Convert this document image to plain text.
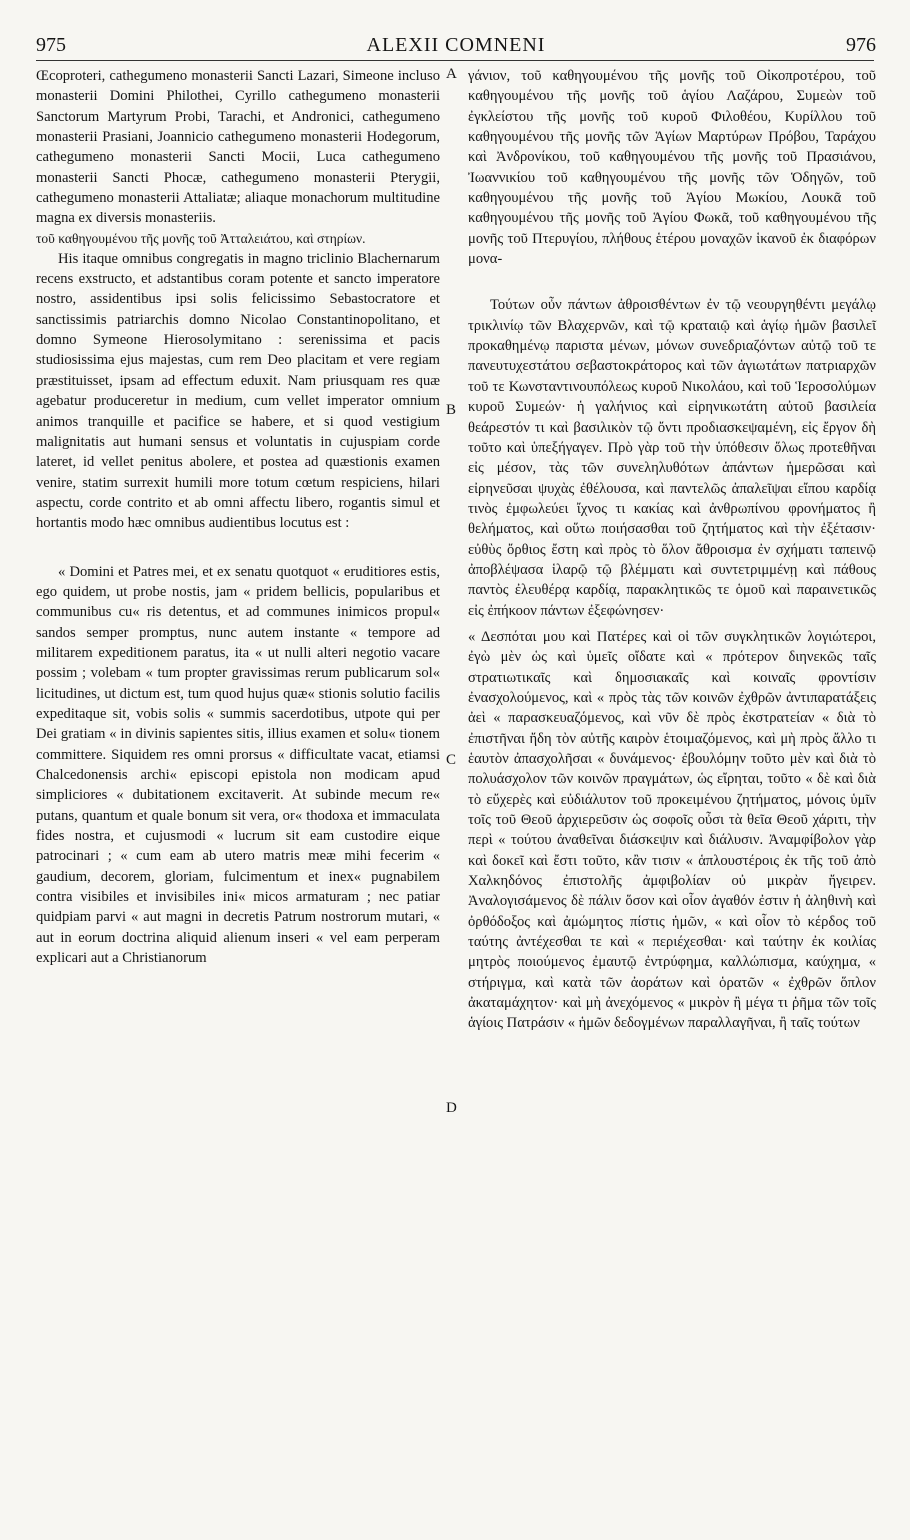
975	ALEXII COMNENI	976
A
B
C
D

Œcoproteri, cathegumeno monasterii Sancti Lazari, Simeone incluso monasterii Domini Philothei, Cyrillo cathegumeno monasterii Sanctorum Martyrum Probi, Tarachi, et Andronici, cathegumeno monasterii Prasiani, Joannicio cathegumeno monasterii Hodegorum, cathegumeno monasterii Sancti Mocii, Luca cathegumeno monasterii Sancti Phocæ, cathegumeno monasterii Pterygii, cathegumeno monasterii Attaliatæ; aliaque monachorum multitudine magna ex diversis monasteriis.

τοῦ καθηγουμένου τῆς μονῆς τοῦ Ἀτταλειάτου, καὶ στηρίων.

His itaque omnibus congregatis in magno triclinio Blachernarum recens exstructo, et adstantibus coram potente et sancto imperatore nostro, assidentibus ipsi solis felicissimo Sebastocratore et sanctissimis patriarchis domno Nicolao Constantinopolitano, et domno Symeone Hierosolymitano : serenissima et pacis studiosissima ejus majestas, cum rem Deo placitam et vere regiam præstituisset, ipsam ad effectum eduxit. Nam priusquam res quæ agebatur produceretur in medium, cum vellet imperator omnium animos tranquille et pacifice se habere, et si quod vestigium malignitatis aut humani sensus et voluntatis in cujuspiam corde lateret, id vellet penitus abolere, et postea ad quæstionis examen venire, statim surrexit humili more totum cœtum respiciens, hilari aspectu, corde contrito et ab omni affectu libero, rogantis simul et hortantis modo hæc omnibus audientibus locutus est :

« Domini et Patres mei, et ex senatu quotquot « eruditiores estis, ego quidem, ut probe nostis, jam « pridem bellicis, popularibus et communibus cu« ris detentus, et ad communes inimicos propul« sandos semper promptus, nunc autem instante « tempore ad militarem expeditionem paratus, ita « ut nulli alteri negotio vacare possim ; volebam « tum propter gravissimas rerum publicarum sol« licitudines, ut dictum est, tum quod hujus quæ« stionis solutio facilis expeditaque sit, vobis solis « summis sacerdotibus, utpote qui per Dei gratiam « in divinis sapientes sitis, illius examen et solu« tionem committere. Siquidem res omni prorsus « difficultate vacat, etiamsi Chalcedonensis archi« episcopi epistola non modicam apud simpliciores « dubitationem excitaverit. At subinde mecum re« putans, quantum et quale bonum sit vera, or« thodoxa et immaculata fides nostra, et cujusmodi « lucrum sit eam custodire eique patrocinari ; « cum eam ab utero matris meæ mihi fecerim « gaudium, decorem, gloriam, fulcimentum et inex« pugnabilem contra visibiles et invisibiles ini« micos armaturam ; nec patiar quidpiam parvi « aut magni in decretis Patrum nostrorum mutari, « aut in eorum doctrina aliquid alienum inseri « vel eam perperam explicari aut a Christianorum

γάνιον, τοῦ καθηγουμένου τῆς μονῆς τοῦ Οἰκοπροτέρου, τοῦ καθηγουμένου τῆς μονῆς τοῦ ἁγίου Λαζάρου, Συμεὼν τοῦ ἐγκλείστου τῆς μονῆς τοῦ κυροῦ Φιλοθέου, Κυρίλλου τοῦ καθηγουμένου τῆς μονῆς τῶν Ἁγίων Μαρτύρων Πρόβου, Ταράχου καὶ Ἀνδρονίκου, τοῦ καθηγουμένου τῆς μονῆς τοῦ Πρασιάνου, Ἰωαννικίου τοῦ καθηγουμένου τῆς μονῆς τῶν Ὁδηγῶν, τοῦ καθηγουμένου τῆς μονῆς τοῦ Ἁγίου Μωκίου, Λουκᾶ τοῦ καθηγουμένου τῆς μονῆς τοῦ Ἁγίου Φωκᾶ, τοῦ καθηγουμένου τῆς μονῆς τοῦ Πτερυγίου, πλήθους ἑτέρου μοναχῶν ἱκανοῦ ἐκ διαφόρων μονα-

Τούτων οὖν πάντων ἀθροισθέντων ἐν τῷ νεουργηθέντι μεγάλῳ τρικλινίῳ τῶν Βλαχερνῶν, καὶ τῷ κραταιῷ καὶ ἁγίῳ ἡμῶν βασιλεῖ προκαθημένῳ παριστα μένων, μόνων συνεδριαζόντων αὐτῷ τοῦ τε πανευτυχεστάτου σεβαστοκράτορος καὶ τῶν ἁγιωτάτων πατριαρχῶν τοῦ τε Κωνσταντινουπόλεως κυροῦ Νικολάου, καὶ τοῦ Ἱεροσολύμων κυροῦ Συμεών· ἡ γαλήνιος καὶ εἰρηνικωτάτη αὐτοῦ βασιλεία θεάρεστόν τι καὶ βασιλικὸν τῷ ὄντι προδιασκεψαμένη, εἰς ἔργον δὴ τοῦτο καὶ ὑπεξήγαγεν. Πρὸ γὰρ τοῦ τὴν ὑπόθεσιν ὅλως προτεθῆναι εἰς μέσον, τὰς τῶν συνεληλυθότων ἁπάντων ἡμερῶσαι καὶ εἰρηνεῦσαι ψυχὰς ἐθέλουσα, καὶ παντελῶς ἀπαλεῖψαι εἴπου καρδίᾳ τινὸς ἐμφωλεύει ἴχνος τι κακίας καὶ ἀνθρωπίνου φρονήματος ἢ θελήματος, καὶ οὕτω ποιήσασθαι τοῦ ζητήματος καὶ τὴν ἐξέτασιν· εὐθὺς ὄρθιος ἔστη καὶ πρὸς τὸ ὅλον ἄθροισμα ἐν σχήματι ταπεινῷ ἀποβλέψασα ἱλαρῷ τῷ βλέμματι καὶ συντετριμμένῃ καὶ πάθους παντὸς ἐλευθέρᾳ καρδίᾳ, παρακλητικῶς τε ὁμοῦ καὶ παραινετικῶς εἰς ἐπήκοον πάντων ἐξεφώνησεν·

« Δεσπόται μου καὶ Πατέρες καὶ οἱ τῶν συγκλητικῶν λογιώτεροι, ἐγὼ μὲν ὡς καὶ ὑμεῖς οἴδατε καὶ « πρότερον διηνεκῶς ταῖς στρατιωτικαῖς καὶ δημοσιακαῖς καὶ κοιναῖς φροντίσιν ἐνασχολούμενος, καὶ « πρὸς τὰς τῶν κοινῶν ἐχθρῶν ἀντιπαρατάξεις ἀεὶ « παρασκευαζόμενος, καὶ νῦν δὲ πρὸς ἐκστρατείαν « διὰ τὸ ἐπιστῆναι ἤδη τὸν αὐτῆς καιρὸν ἑτοιμαζόμενος, καὶ μὴ πρὸς ἄλλο τι ἑαυτὸν ἀπασχολῆσαι « δυνάμενος· ἐβουλόμην τοῦτο μὲν καὶ διὰ τὸ πολυάσχολον τῶν κοινῶν πραγμάτων, ὡς εἴρηται, τοῦτο « δὲ καὶ διὰ τὸ εὔχερὲς καὶ εὐδιάλυτον τοῦ προκειμένου ζητήματος, μόνοις ὑμῖν τοῖς τοῦ Θεοῦ ἀρχιερεῦσιν ὡς σοφοῖς οὖσι τὰ θεῖα Θεοῦ χάριτι, τὴν περὶ « τούτου ἀναθεῖναι διάσκεψιν καὶ διάλυσιν. Ἀναμφίβολον γὰρ καὶ δοκεῖ καὶ ἔστι τοῦτο, κἂν τισιν « ἁπλουστέροις ἐκ τῆς τοῦ ἀπὸ Χαλκηδόνος ἐπιστολῆς ἀμφιβολίαν οὐ μικρὰν ἤγειρεν. Ἀναλογισάμενος δὲ πάλιν ὅσον καὶ οἷον ἀγαθόν ἐστιν ἡ ἀληθινὴ καὶ ὀρθόδοξος καὶ ἀμώμητος πίστις ἡμῶν, « καὶ οἷον τὸ κέρδος τοῦ ταύτης ἀντέχεσθαι τε καὶ « περιέχεσθαι· καὶ ταύτην ἐκ κοιλίας μητρὸς ποιούμενος ἐμαυτῷ ἐντρύφημα, καλλώπισμα, καύχημα, « στήριγμα, καὶ κατὰ τῶν ἀοράτων καὶ ὁρατῶν « ἐχθρῶν ὅπλον ἀκαταμάχητον· καὶ μὴ ἀνεχόμενος « μικρὸν ἢ μέγα τι ῥῆμα τῶν τοῖς ἁγίοις Πατράσιν « ἡμῶν δεδογμένων παραλλαγῆναι, ἢ ταῖς τούτων
